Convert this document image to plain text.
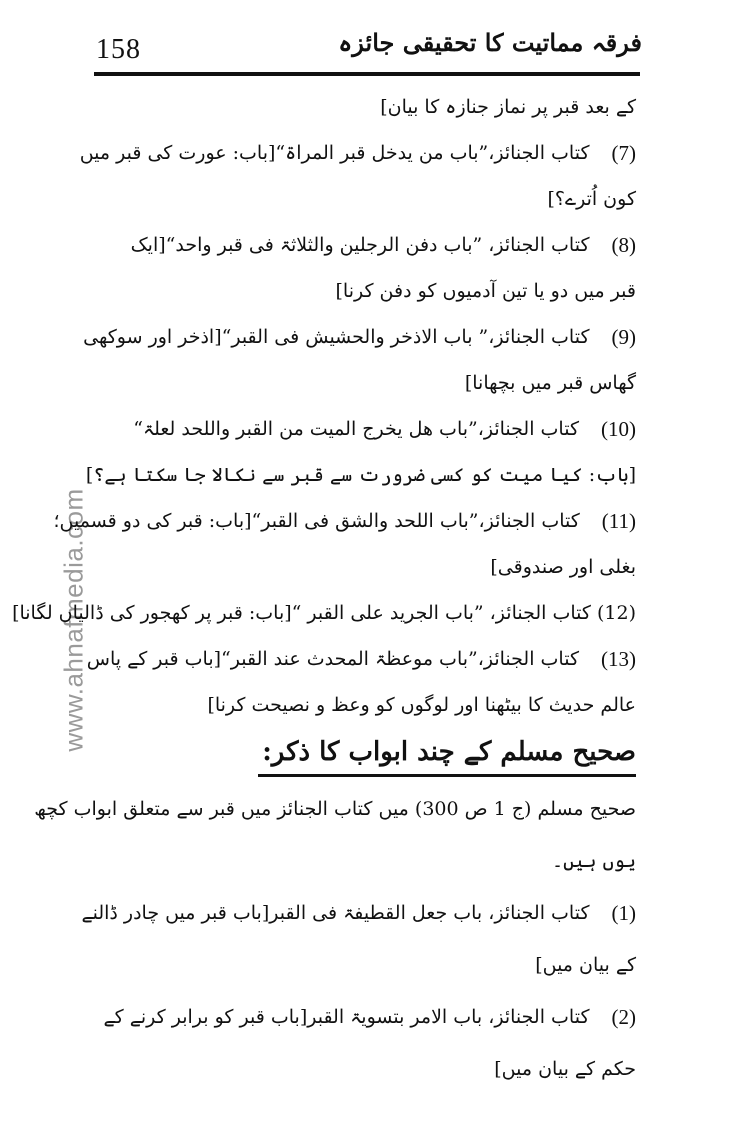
158	فرقہ مماتیت کا تحقیقی جائزہ
www.ahnafmedia.com
کے بعد قبر پر نماز جنازہ کا بیان]
(7)
کتاب الجنائز،”باب من یدخل قبر المراۃ“[باب: عورت کی قبر میں
کون اُترے؟]
(8)
کتاب الجنائز، ”باب دفن الرجلین والثلاثۃ فی قبر واحد“[ایک
قبر میں دو یا تین آدمیوں کو دفن کرنا]
(9)
کتاب الجنائز،” باب الاذخر والحشیش فی القبر“[اذخر اور سوکھی
گھاس قبر میں بچھانا]
(10)
کتاب الجنائز،”باب ھل یخرج المیت من القبر واللحد لعلۃ“
[باب: کیا میت کو کسی ضرورت سے قبر سے نکالا جا سکتا ہے؟]
(11)
کتاب الجنائز،”باب اللحد والشق فی القبر“[باب: قبر کی دو قسمیں؛
بغلی اور صندوقی]
(12) کتاب الجنائز، ”باب الجرید علی القبر “[باب: قبر پر کھجور کی ڈالیاں لگانا]
(13)
کتاب الجنائز،”باب موعظۃ المحدث عند القبر“[باب قبر کے پاس
عالم حدیث کا بیٹھنا اور لوگوں کو وعظ و نصیحت کرنا]
صحیح مسلم کے چند ابواب کا ذکر:
صحیح مسلم (ج 1 ص 300) میں کتاب الجنائز میں قبر سے متعلق ابواب کچھ
یوں ہیں۔
(1)
کتاب الجنائز، باب جعل القطیفۃ فی القبر[باب قبر میں چادر ڈالنے
کے بیان میں]
(2)
کتاب الجنائز، باب الامر بتسویۃ القبر[باب قبر کو برابر کرنے کے
حکم کے بیان میں]
